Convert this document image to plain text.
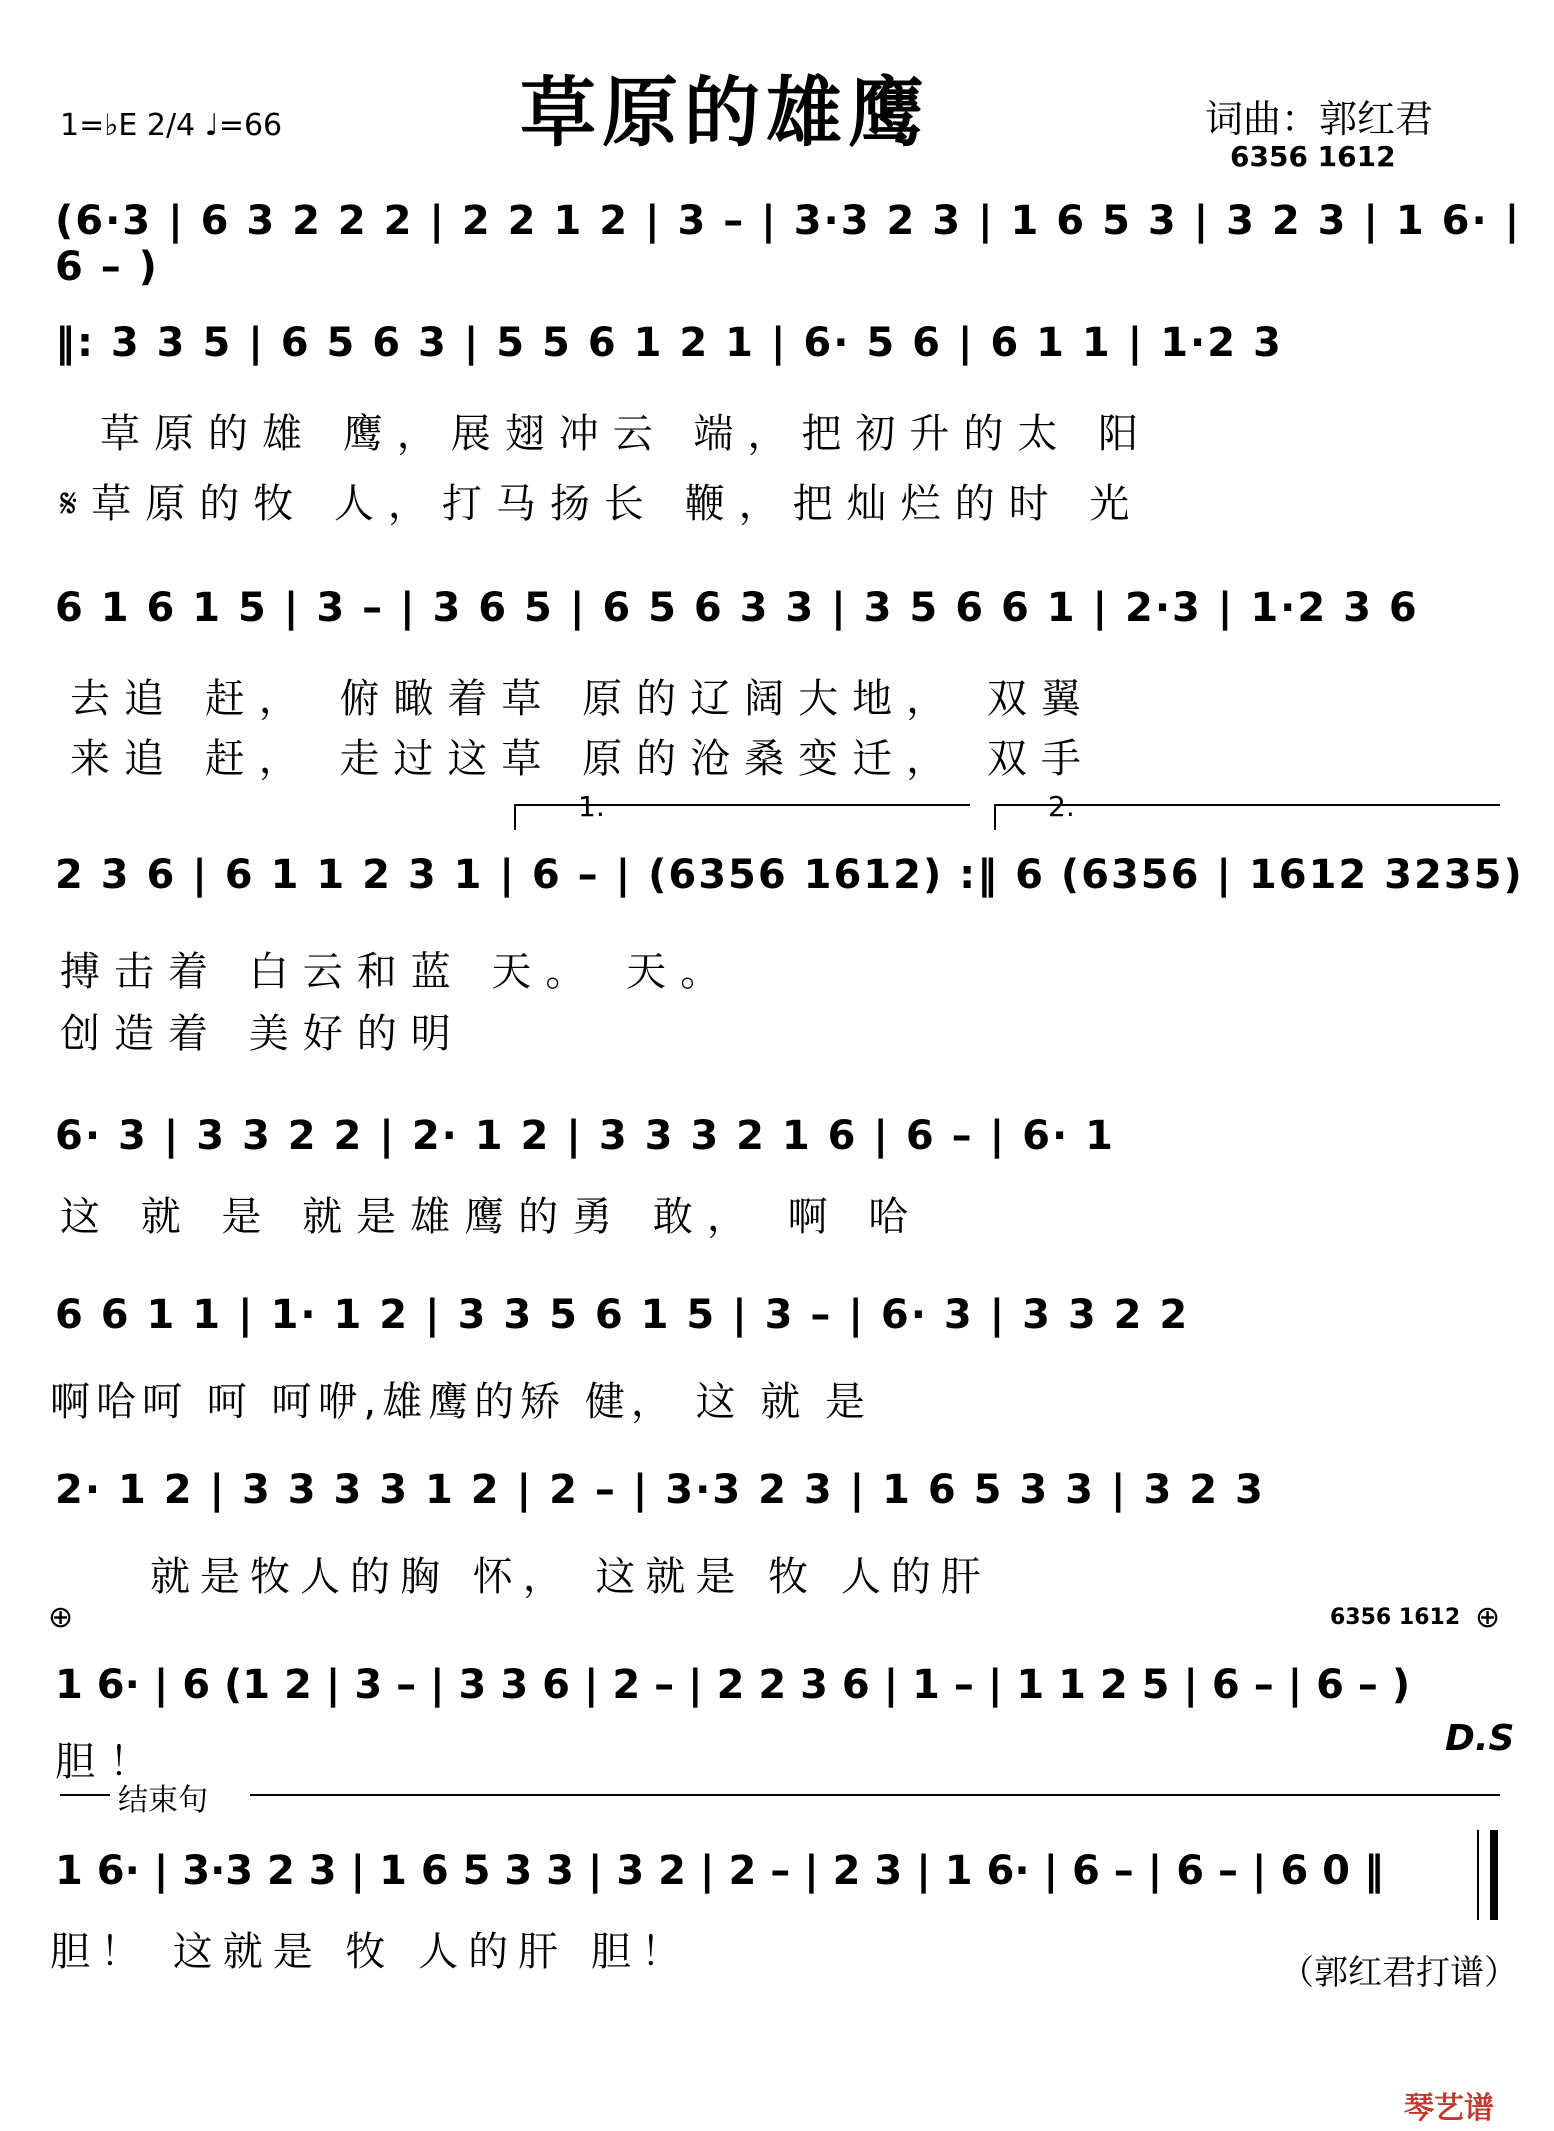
草原的雄鹰
1=♭E 2/4 ♩=66	词曲：郭红君
6356 1612
(6·3 | 6 3 2 2 2 | 2 2 1 2 | 3 – | 3·3 2 3 | 1 6 5 3 | 3 2 3 | 1 6· | 6 – )
‖: 3 3 5 | 6 5 6 3 | 5 5 6 1 2 1 | 6· 5 6 | 6 1 1 | 1·2 3
草原的雄 鹰，展翅冲云 端，把初升的太 阳
𝄋草原的牧 人，打马扬长 鞭，把灿烂的时 光
6 1 6 1 5 | 3 – | 3 6 5 | 6 5 6 3 3 | 3 5 6 6 1 | 2·3 | 1·2 3 6
去追 赶， 俯瞰着草 原的辽阔大地， 双翼
来追 赶， 走过这草 原的沧桑变迁， 双手
1.	2.
2 3 6 | 6 1 1 2 3 1 | 6 – | (6356 1612) :‖ 6 (6356 | 1612 3235)
搏击着 白云和蓝 天。 天。
创造着 美好的明
6· 3 | 3 3 2 2 | 2· 1 2 | 3 3 3 2 1 6 | 6 – | 6· 1
这 就 是 就是雄鹰的勇 敢， 啊 哈
6 6 1 1 | 1· 1 2 | 3 3 5 6 1 5 | 3 – | 6· 3 | 3 3 2 2
啊哈呵 呵 呵咿,雄鹰的矫 健， 这 就 是
2· 1 2 | 3 3 3 3 1 2 | 2 – | 3·3 2 3 | 1 6 5 3 3 | 3 2 3
就是牧人的胸 怀， 这就是 牧 人的肝
⊕	⊕
6356 1612
1 6· | 6 (1 2 | 3 – | 3 3 6 | 2 – | 2 2 3 6 | 1 – | 1 1 2 5 | 6 – | 6 – )
胆！
D.S
结束句
1 6· | 3·3 2 3 | 1 6 5 3 3 | 3 2 | 2 – | 2 3 | 1 6· | 6 – | 6 – | 6 0 ‖
胆！ 这就是 牧 人的肝 胆！	（郭红君打谱）
琴艺谱
